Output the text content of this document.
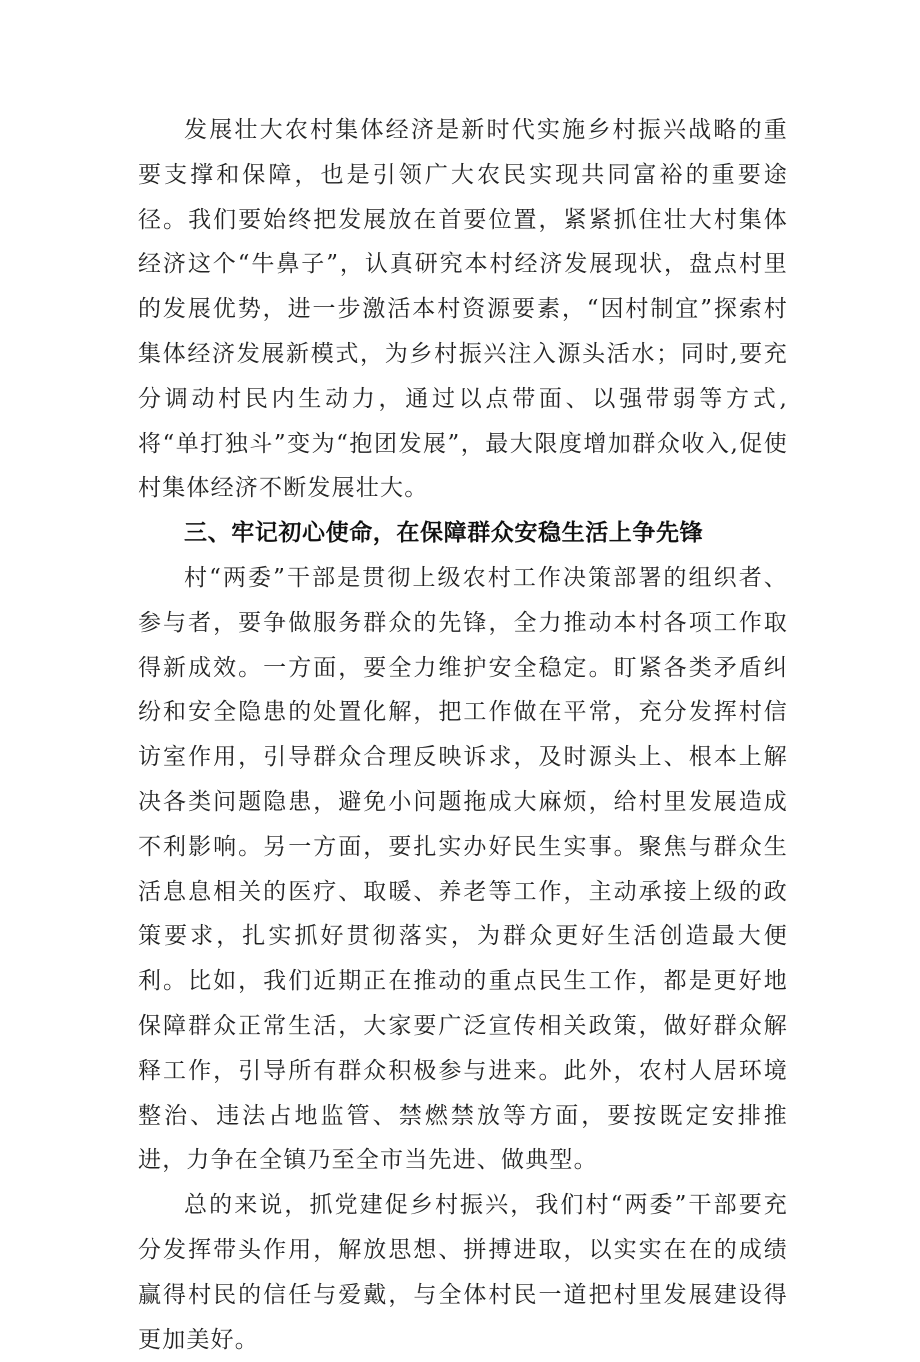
发展壮大农村集体经济是新时代实施乡村振兴战略的重要支撑和保障，也是引领广大农民实现共同富裕的重要途径。我们要始终把发展放在首要位置，紧紧抓住壮大村集体经济这个“牛鼻子”，认真研究本村经济发展现状，盘点村里的发展优势，进一步激活本村资源要素，“因村制宜”探索村集体经济发展新模式，为乡村振兴注入源头活水；同时,要充分调动村民内生动力，通过以点带面、以强带弱等方式,将“单打独斗”变为“抱团发展”，最大限度增加群众收入,促使村集体经济不断发展壮大。

三、牢记初心使命，在保障群众安稳生活上争先锋

村“两委”干部是贯彻上级农村工作决策部署的组织者、参与者，要争做服务群众的先锋，全力推动本村各项工作取得新成效。一方面，要全力维护安全稳定。盯紧各类矛盾纠纷和安全隐患的处置化解，把工作做在平常，充分发挥村信访室作用，引导群众合理反映诉求，及时源头上、根本上解决各类问题隐患，避免小问题拖成大麻烦，给村里发展造成不利影响。另一方面，要扎实办好民生实事。聚焦与群众生活息息相关的医疗、取暖、养老等工作，主动承接上级的政策要求，扎实抓好贯彻落实，为群众更好生活创造最大便利。比如，我们近期正在推动的重点民生工作，都是更好地保障群众正常生活，大家要广泛宣传相关政策，做好群众解释工作，引导所有群众积极参与进来。此外，农村人居环境整治、违法占地监管、禁燃禁放等方面，要按既定安排推进，力争在全镇乃至全市当先进、做典型。

总的来说，抓党建促乡村振兴，我们村“两委”干部要充分发挥带头作用，解放思想、拼搏进取，以实实在在的成绩赢得村民的信任与爱戴，与全体村民一道把村里发展建设得更加美好。
